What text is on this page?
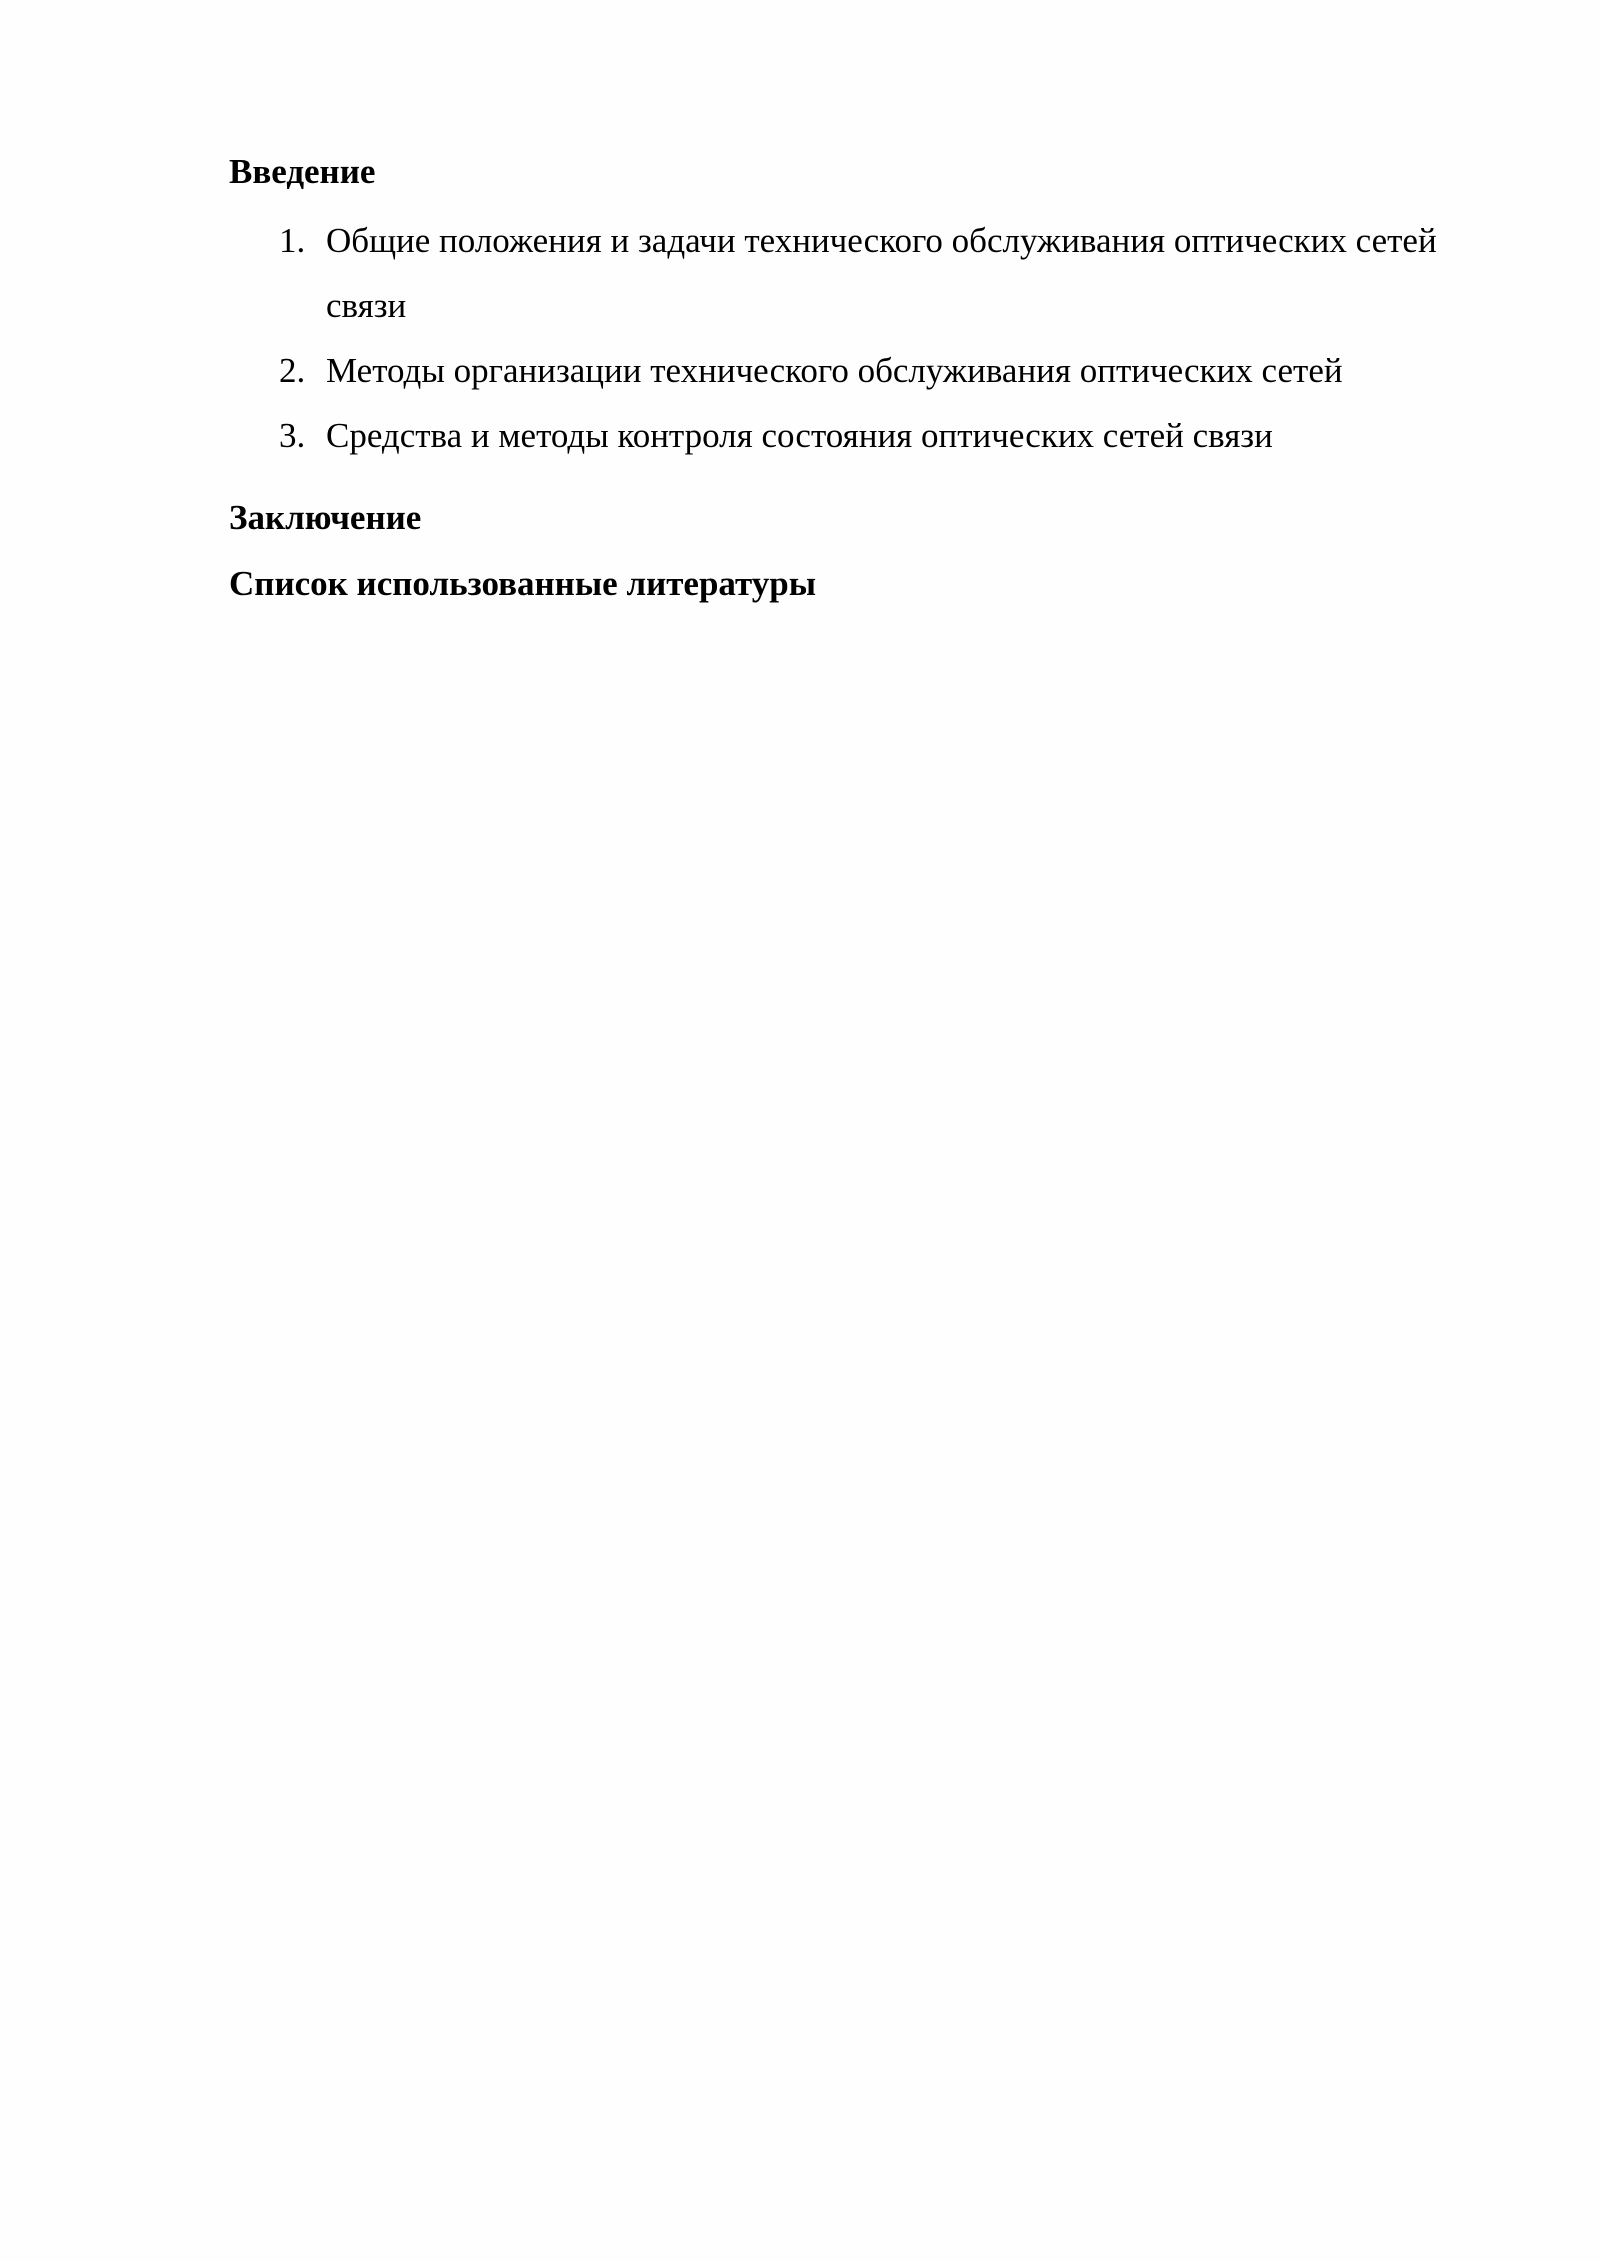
Введение

1. Общие положения и задачи технического обслуживания оптических сетей связи
2. Методы организации технического обслуживания оптических сетей
3. Средства и методы контроля состояния оптических сетей связи

Заключение

Список использованные литературы
